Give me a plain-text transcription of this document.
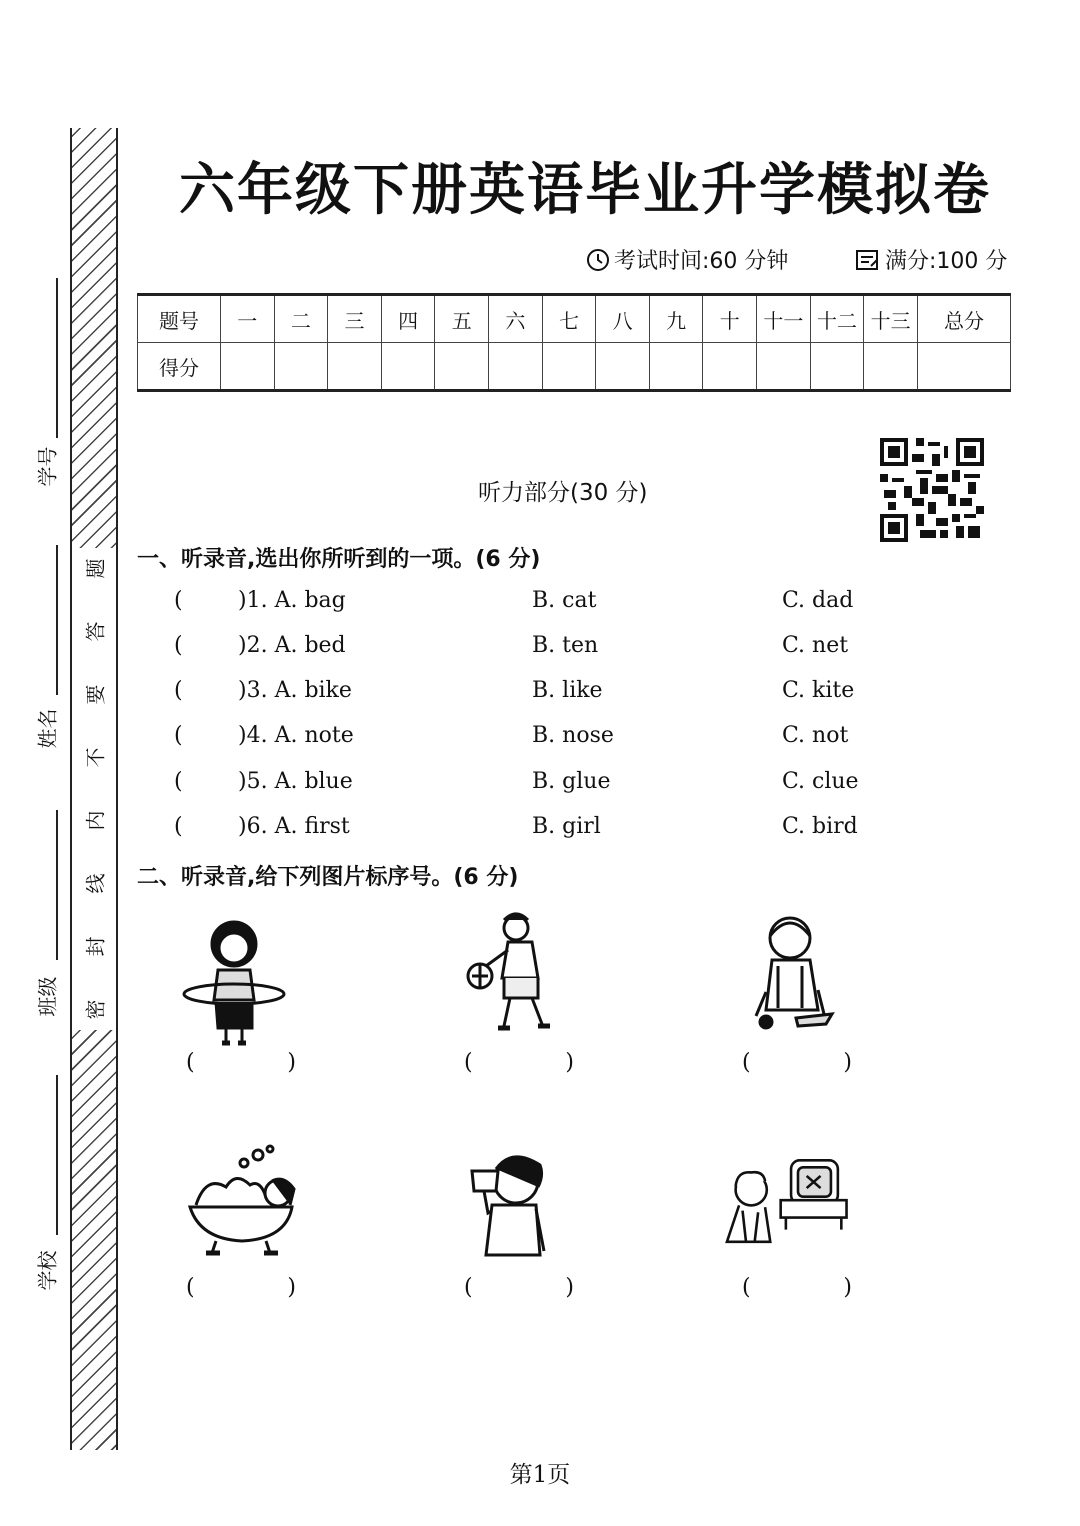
题
答
要
不
内
线
封
密
学号
姓名
班级
学校
六年级下册英语毕业升学模拟卷
考试时间:60 分钟	满分:100 分
题号	一	二	三	四	五	六	七	八	九	十	十一	十二	十三	总分
得分														
听力部分(30 分)
一、听录音,选出你所听到的一项。(6 分)
(	)1. A. bag	B. cat	C. dad
(	)2. A. bed	B. ten	C. net
(	)3. A. bike	B. like	C. kite
(	)4. A. note	B. nose	C. not
(	)5. A. blue	B. glue	C. clue
(	)6. A. first	B. girl	C. bird
二、听录音,给下列图片标序号。(6 分)
(	)	(	)	(	)
(	)	(	)	(	)
第1页
